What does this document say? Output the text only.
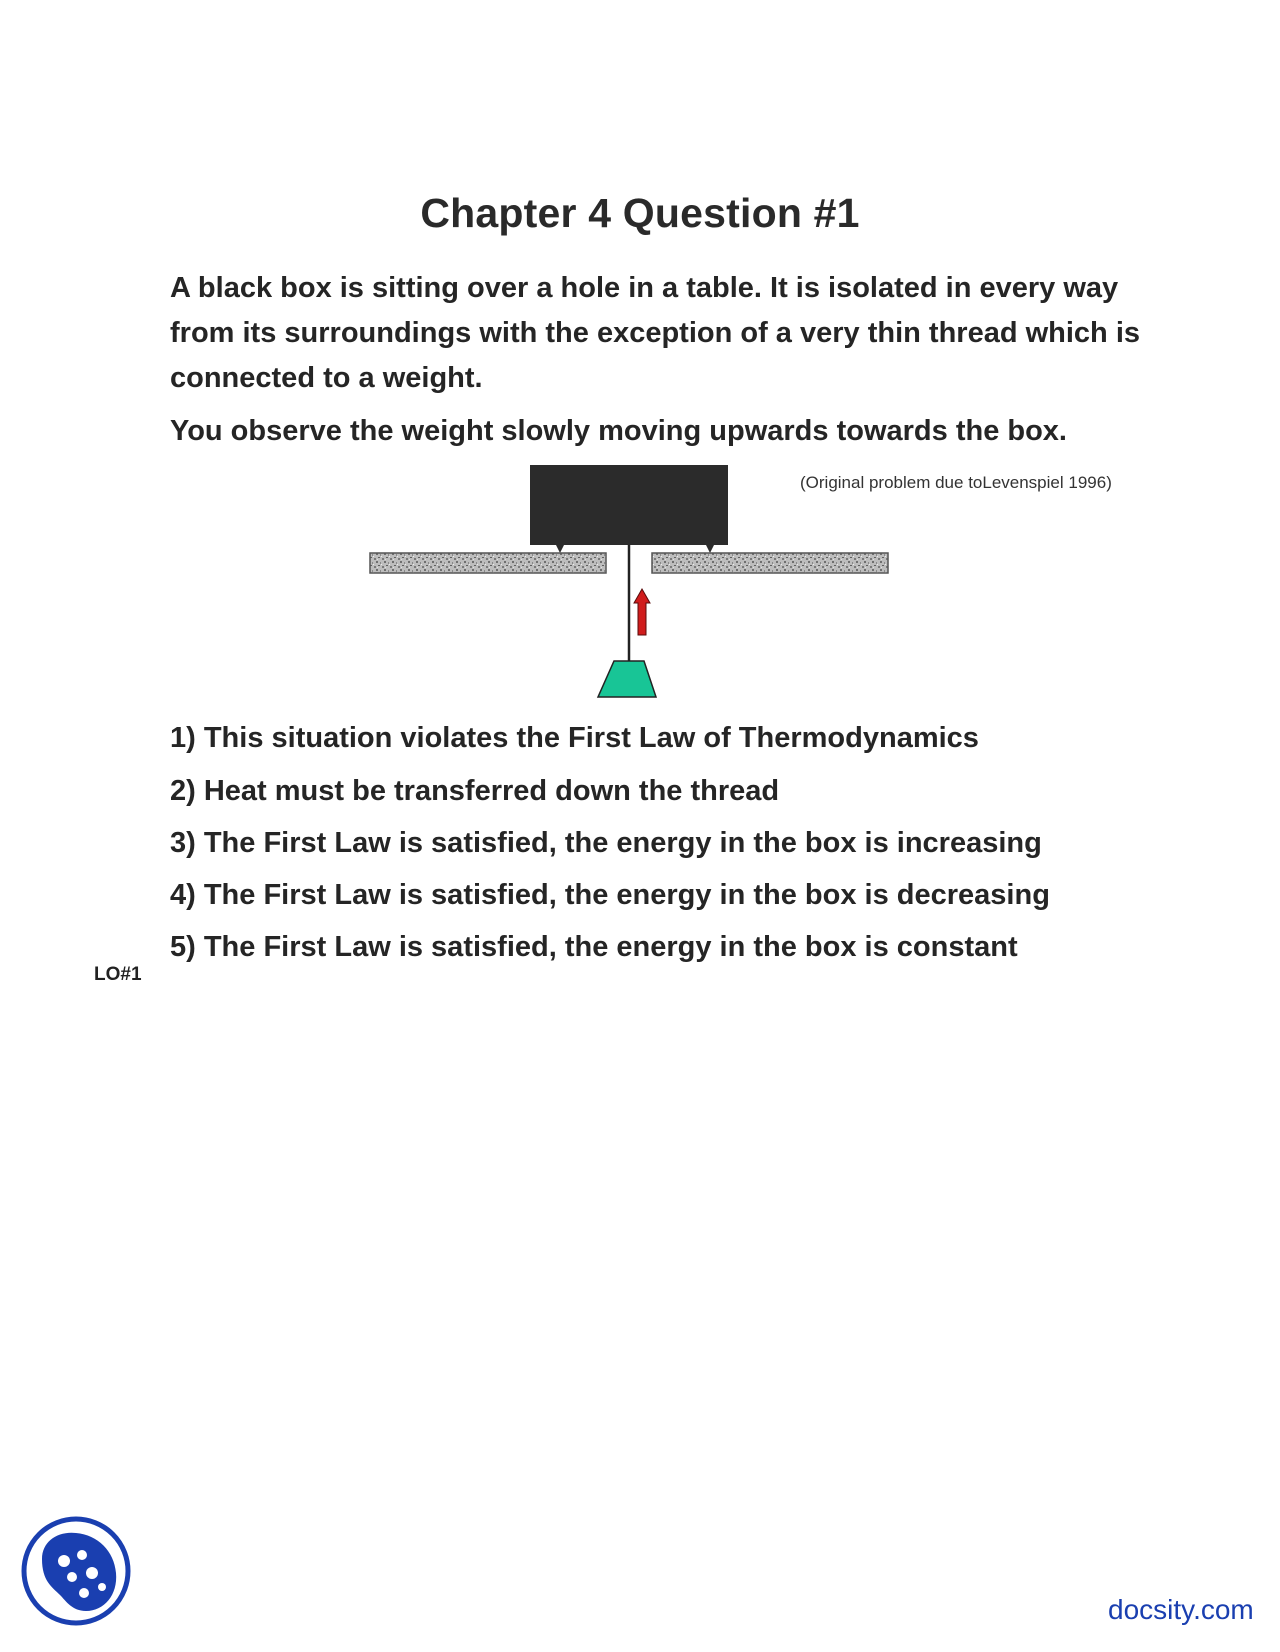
Chapter 4 Question #1
A black box is sitting over a hole in a table. It is isolated in every way from its surroundings with the exception of a very thin thread which is connected to a weight.
You observe the weight slowly moving upwards towards the box.
(Original problem due toLevenspiel 1996)
1) This situation violates the First Law of Thermodynamics
2) Heat must be transferred down the thread
3) The First Law is satisfied, the energy in the box is increasing
4) The First Law is satisfied, the energy in the box is decreasing
5) The First Law is satisfied, the energy in the box is constant
LO#1
docsity.com
